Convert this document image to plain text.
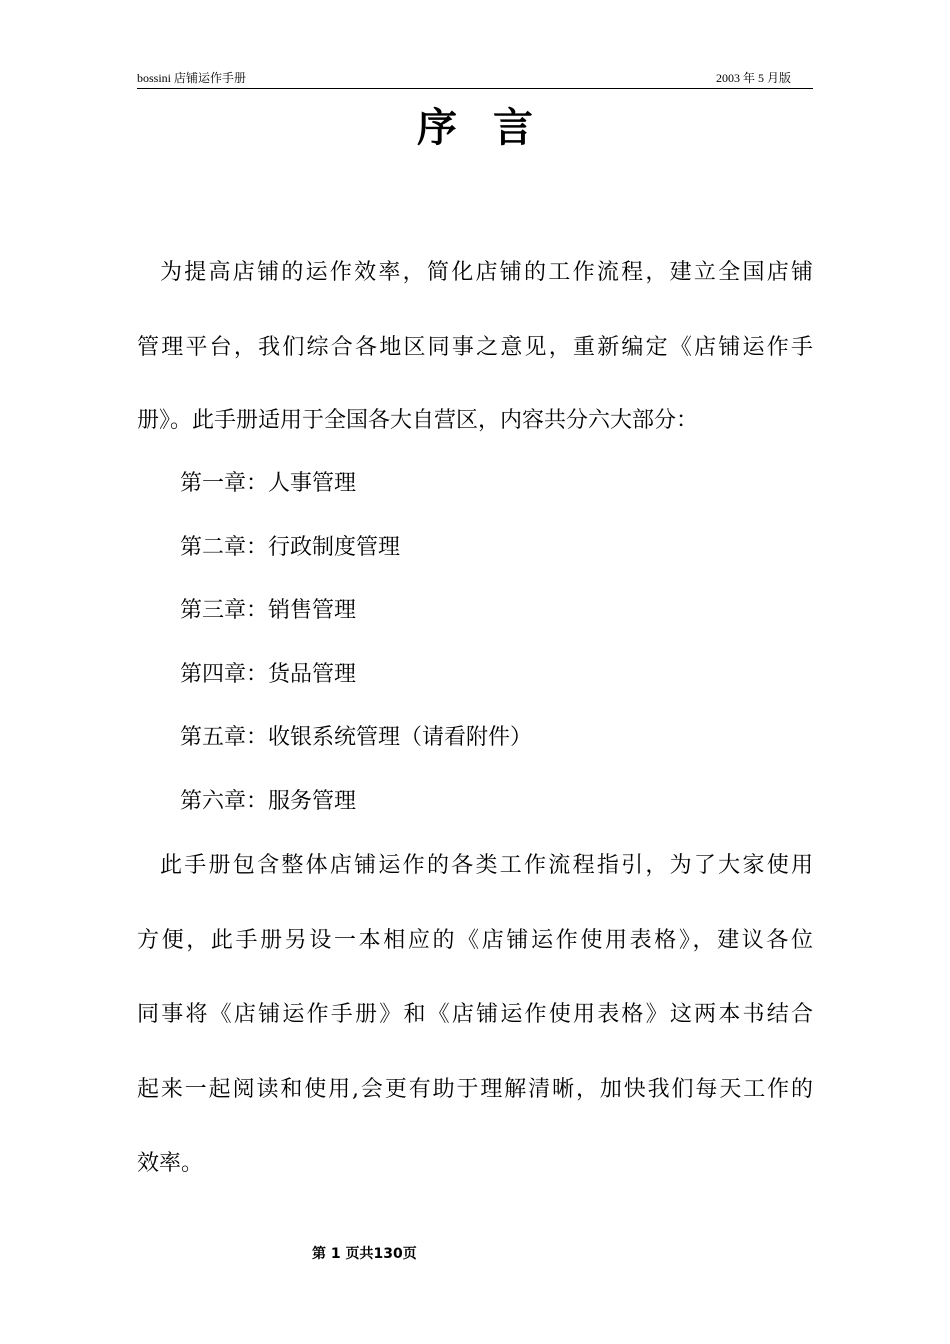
bossini 店铺运作手册	2003 年 5 月版
序言
为提高店铺的运作效率，简化店铺的工作流程，建立全国店铺
管理平台，我们综合各地区同事之意见，重新编定《店铺运作手
册》。此手册适用于全国各大自营区，内容共分六大部分：
第一章：人事管理
第二章：行政制度管理
第三章：销售管理
第四章：货品管理
第五章：收银系统管理（请看附件）
第六章：服务管理
此手册包含整体店铺运作的各类工作流程指引，为了大家使用
方便，此手册另设一本相应的《店铺运作使用表格》，建议各位
同事将《店铺运作手册》和《店铺运作使用表格》这两本书结合
起来一起阅读和使用,会更有助于理解清晰，加快我们每天工作的
效率。
第 1 页共130页
